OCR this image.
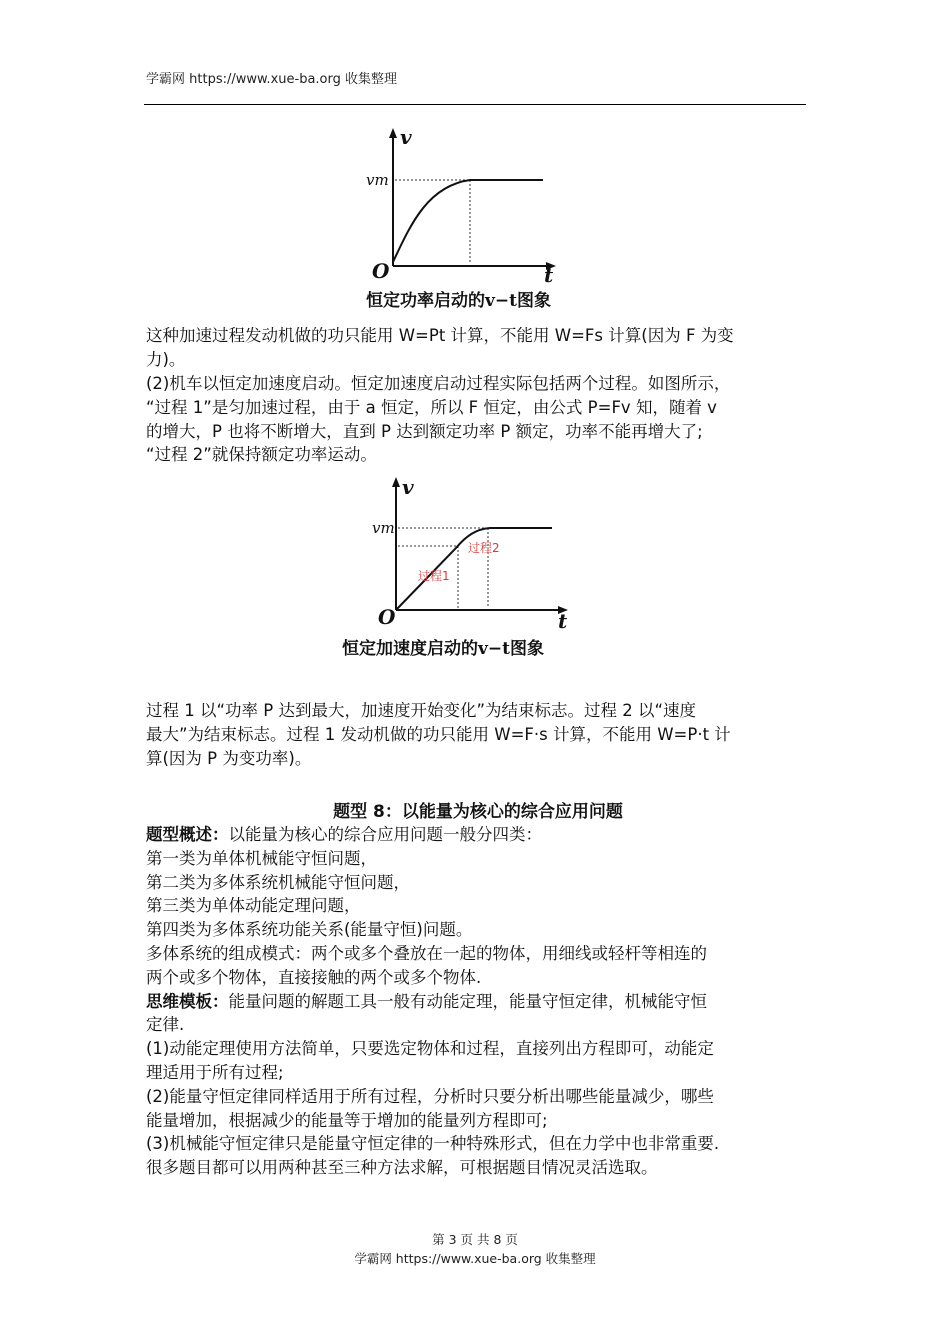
学霸网 https://www.xue-ba.org 收集整理
v
t
O
vm
恒定功率启动的v−t图象

这种加速过程发动机做的功只能用 W=Pt 计算，不能用 W=Fs 计算(因为 F 为变
力)。

(2)机车以恒定加速度启动。恒定加速度启动过程实际包括两个过程。如图所示，
“过程 1”是匀加速过程，由于 a 恒定，所以 F 恒定，由公式 P=Fv 知，随着 v
的增大，P 也将不断增大，直到 P 达到额定功率 P 额定，功率不能再增大了;
“过程 2”就保持额定功率运动。

v
t
O
vm
过程1
过程2
恒定加速度启动的v−t图象

过程 1 以“功率 P 达到最大，加速度开始变化”为结束标志。过程 2 以“速度
最大”为结束标志。过程 1 发动机做的功只能用 W=F·s 计算，不能用 W=P·t 计
算(因为 P 为变功率)。

题型 8：以能量为核心的综合应用问题

题型概述：以能量为核心的综合应用问题一般分四类：
第一类为单体机械能守恒问题，
第二类为多体系统机械能守恒问题，
第三类为单体动能定理问题，
第四类为多体系统功能关系(能量守恒)问题。
多体系统的组成模式：两个或多个叠放在一起的物体，用细线或轻杆等相连的
两个或多个物体，直接接触的两个或多个物体.
思维模板：能量问题的解题工具一般有动能定理，能量守恒定律，机械能守恒
定律.
(1)动能定理使用方法简单，只要选定物体和过程，直接列出方程即可，动能定
理适用于所有过程;
(2)能量守恒定律同样适用于所有过程，分析时只要分析出哪些能量减少，哪些
能量增加，根据减少的能量等于增加的能量列方程即可;
(3)机械能守恒定律只是能量守恒定律的一种特殊形式，但在力学中也非常重要.
很多题目都可以用两种甚至三种方法求解，可根据题目情况灵活选取。

第 3 页 共 8 页
学霸网 https://www.xue-ba.org 收集整理
